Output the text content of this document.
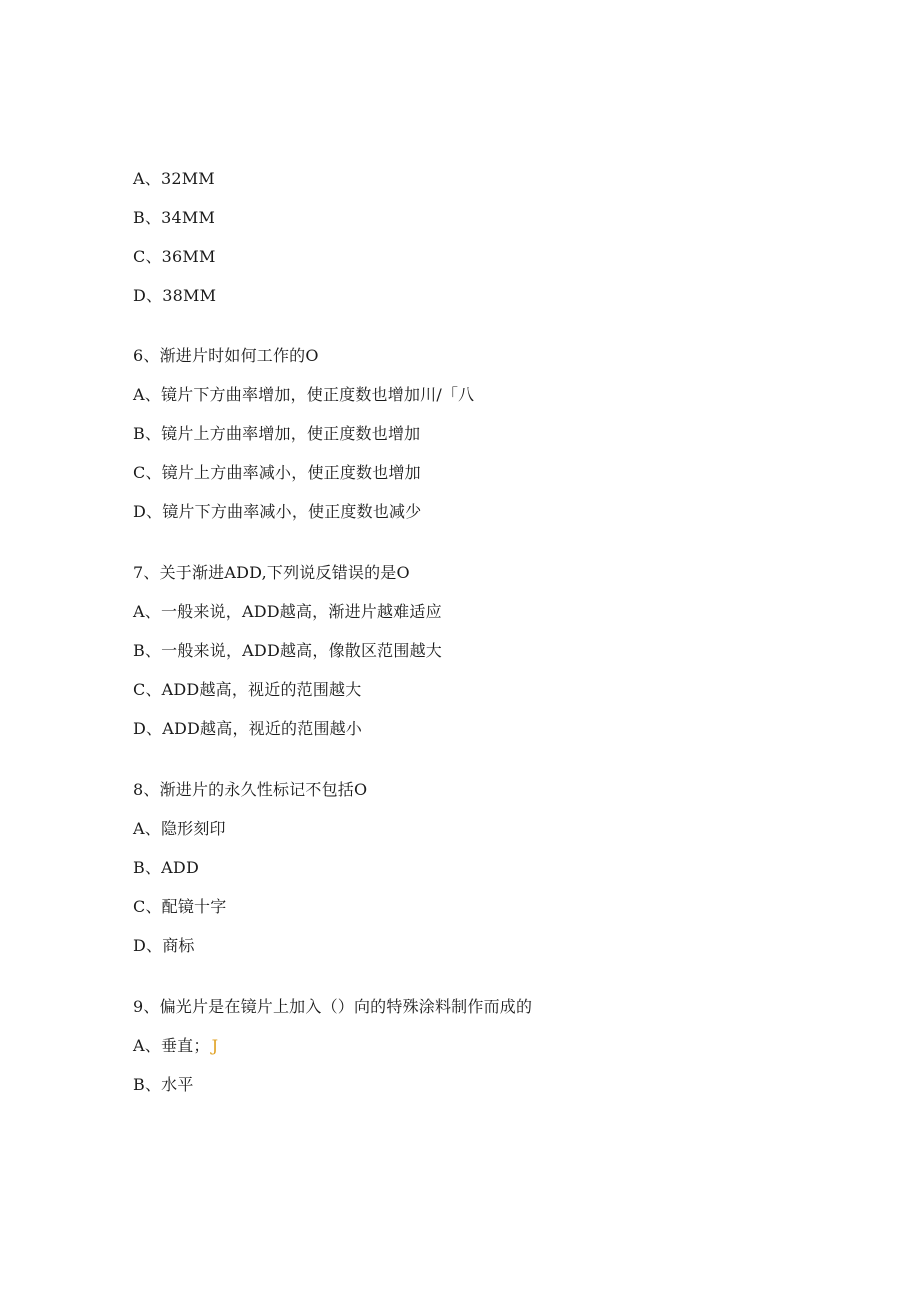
A、32MM
B、34MM
C、36MM
D、38MM
6、渐进片时如何工作的O
A、镜片下方曲率增加，使正度数也增加川/「八
B、镜片上方曲率增加，使正度数也增加
C、镜片上方曲率减小，使正度数也增加
D、镜片下方曲率减小，使正度数也减少
7、关于渐进ADD,下列说反错误的是O
A、一般来说，ADD越高，渐进片越难适应
B、一般来说，ADD越高，像散区范围越大
C、ADD越高，视近的范围越大
D、ADD越高，视近的范围越小
8、渐进片的永久性标记不包括O
A、隐形刻印
B、ADD
C、配镜十字
D、商标
9、偏光片是在镜片上加入（）向的特殊涂料制作而成的
A、垂直； J
B、水平
